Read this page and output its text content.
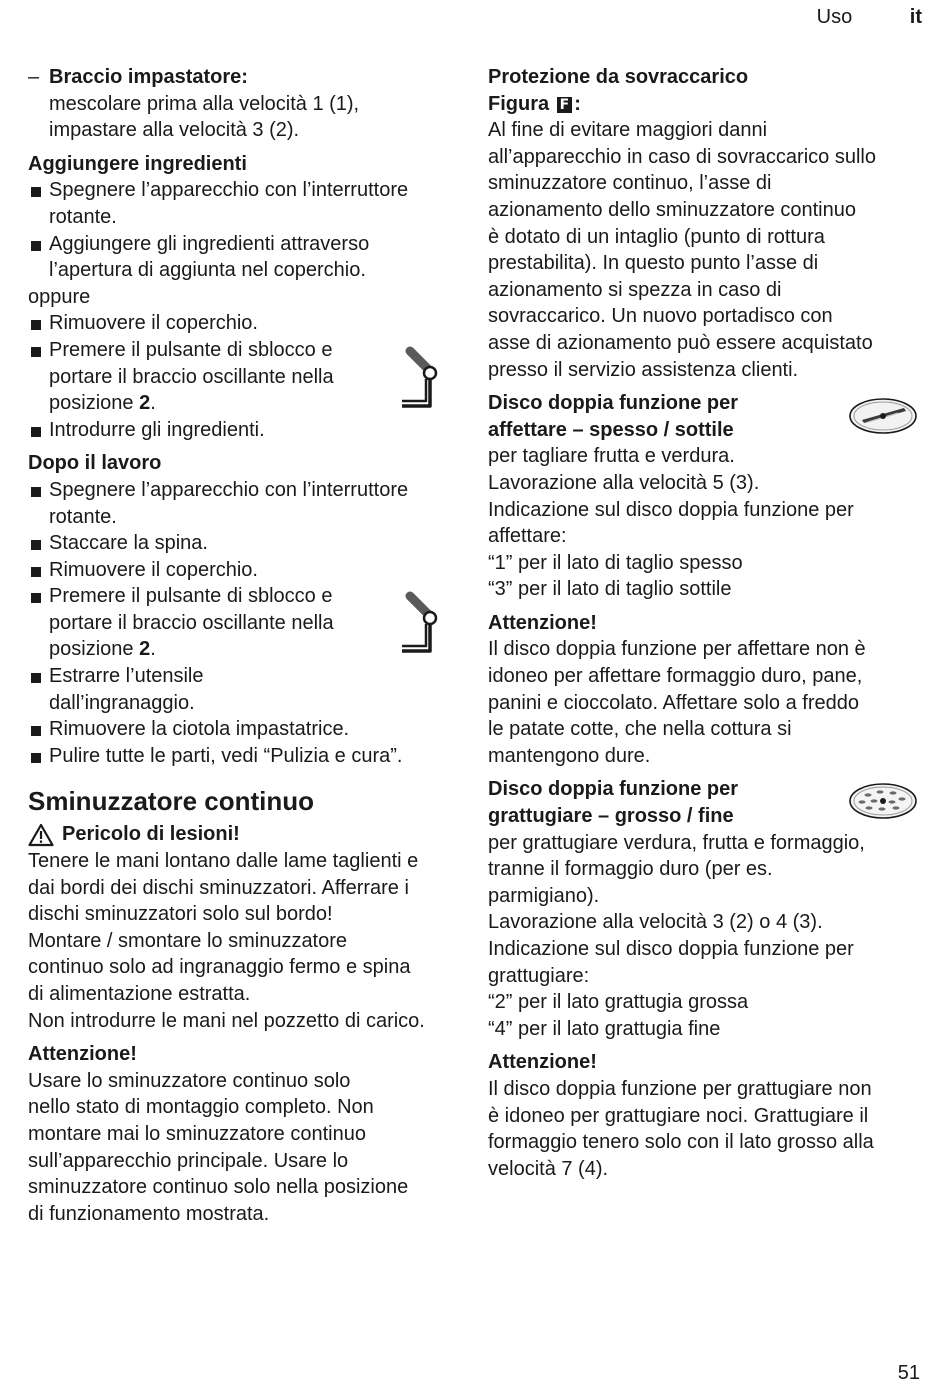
Uso	it
– Braccio impastatore:

mescolare prima alla velocità 1 (1),

impastare alla velocità 3 (2).

Aggiungere ingredienti

Spegnere l’apparecchio con l’interruttore

rotante.

Aggiungere gli ingredienti attraverso

l’apertura di aggiunta nel coperchio.

oppure

Rimuovere il coperchio.

Premere il pulsante di sblocco e

portare il braccio oscillante nella

posizione 2.

Introdurre gli ingredienti.

Dopo il lavoro

Spegnere l’apparecchio con l’interruttore

rotante.

Staccare la spina.

Rimuovere il coperchio.

Premere il pulsante di sblocco e

portare il braccio oscillante nella

posizione 2.

Estrarre l’utensile

dall’ingranaggio.

Rimuovere la ciotola impastatrice.

Pulire tutte le parti, vedi “Pulizia e cura”.

Sminuzzatore continuo

Pericolo di lesioni!

Tenere le mani lontano dalle lame taglienti e

dai bordi dei dischi sminuzzatori. Afferrare i

dischi sminuzzatori solo sul bordo!

Montare / smontare lo sminuzzatore

continuo solo ad ingranaggio fermo e spina

di alimentazione estratta.

Non introdurre le mani nel pozzetto di carico.

Attenzione!

Usare lo sminuzzatore continuo solo

nello stato di montaggio completo. Non

montare mai lo sminuzzatore continuo

sull’apparecchio principale. Usare lo

sminuzzatore continuo solo nella posizione

di funzionamento mostrata.

Protezione da sovraccarico

Figura F :

Al fine di evitare maggiori danni

all’apparecchio in caso di sovraccarico sullo

sminuzzatore continuo, l’asse di

azionamento dello sminuzzatore continuo

è dotato di un intaglio (punto di rottura

prestabilita). In questo punto l’asse di

azionamento si spezza in caso di

sovraccarico. Un nuovo portadisco con

asse di azionamento può essere acquistato

presso il servizio assistenza clienti.

Disco doppia funzione per

affettare – spesso / sottile

per tagliare frutta e verdura.

Lavorazione alla velocità 5 (3).

Indicazione sul disco doppia funzione per

affettare:

“1” per il lato di taglio spesso

“3” per il lato di taglio sottile

Attenzione!

Il disco doppia funzione per affettare non è

idoneo per affettare formaggio duro, pane,

panini e cioccolato. Affettare solo a freddo

le patate cotte, che nella cottura si

mantengono dure.

Disco doppia funzione per

grattugiare – grosso / fine

per grattugiare verdura, frutta e formaggio,

tranne il formaggio duro (per es.

parmigiano).

Lavorazione alla velocità 3 (2) o 4 (3).

Indicazione sul disco doppia funzione per

grattugiare:

“2” per il lato grattugia grossa

“4” per il lato grattugia fine

Attenzione!

Il disco doppia funzione per grattugiare non

è idoneo per grattugiare noci. Grattugiare il

formaggio tenero solo con il lato grosso alla

velocità 7 (4).

51
